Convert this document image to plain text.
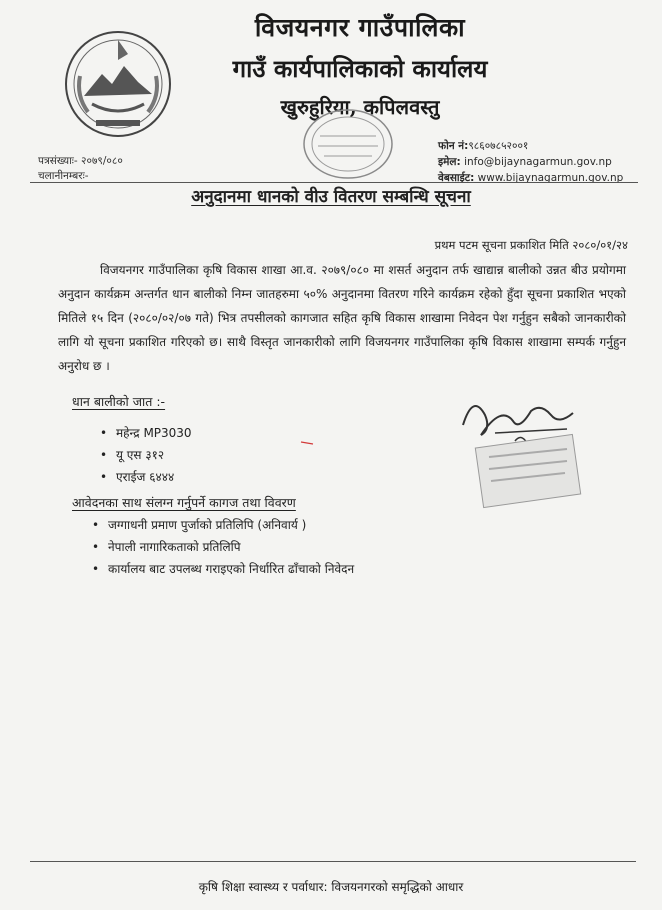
विजयनगर गाउँपालिका
गाउँ कार्यपालिकाको कार्यालय
खुरुहुरिया, कपिलवस्तु
फोन नं:९८६०७८५२००१
इमेल: info@bijaynagarmun.gov.np
वेबसाईट: www.bijaynagarmun.gov.np
पत्रसंख्याः- २०७९/०८०
चलानीनम्बरः-
अनुदानमा धानको वीउ वितरण सम्बन्धि सूचना
प्रथम पटम सूचना प्रकाशित मिति २०८०/०१/२४

विजयनगर गाउँपालिका कृषि विकास शाखा आ.व. २०७९/०८० मा शसर्त अनुदान तर्फ खाद्यान्न बालीको उन्नत बीउ प्रयोगमा अनुदान कार्यक्रम अन्तर्गत धान बालीको निम्न जातहरुमा ५०% अनुदानमा वितरण गरिने कार्यक्रम रहेको हुँदा सूचना प्रकाशित भएको मितिले १५ दिन (२०८०/०२/०७ गते) भित्र तपसीलको कागजात सहित कृषि विकास शाखामा निवेदन पेश गर्नुहुन सबैको जानकारीको लागि यो सूचना प्रकाशित गरिएको छ। साथै विस्तृत जानकारीको लागि विजयनगर गाउँपालिका कृषि विकास शाखामा सम्पर्क गर्नुहुन अनुरोध छ ।

धान बालीको जात :-
• महेन्द्र MP3030
• यू एस ३१२
• एराईज ६४४४
आवेदनका साथ संलग्न गर्नुपर्ने कागज तथा विवरण
• जग्गाधनी प्रमाण पुर्जाको प्रतिलिपि (अनिवार्य )
• नेपाली नागारिकताको प्रतिलिपि
• कार्यालय बाट उपलब्ध गराइएको निर्धारित ढाँचाको निवेदन
कृषि शिक्षा स्वास्थ्य र पर्वाधार: विजयनगरको समृद्धिको आधार
